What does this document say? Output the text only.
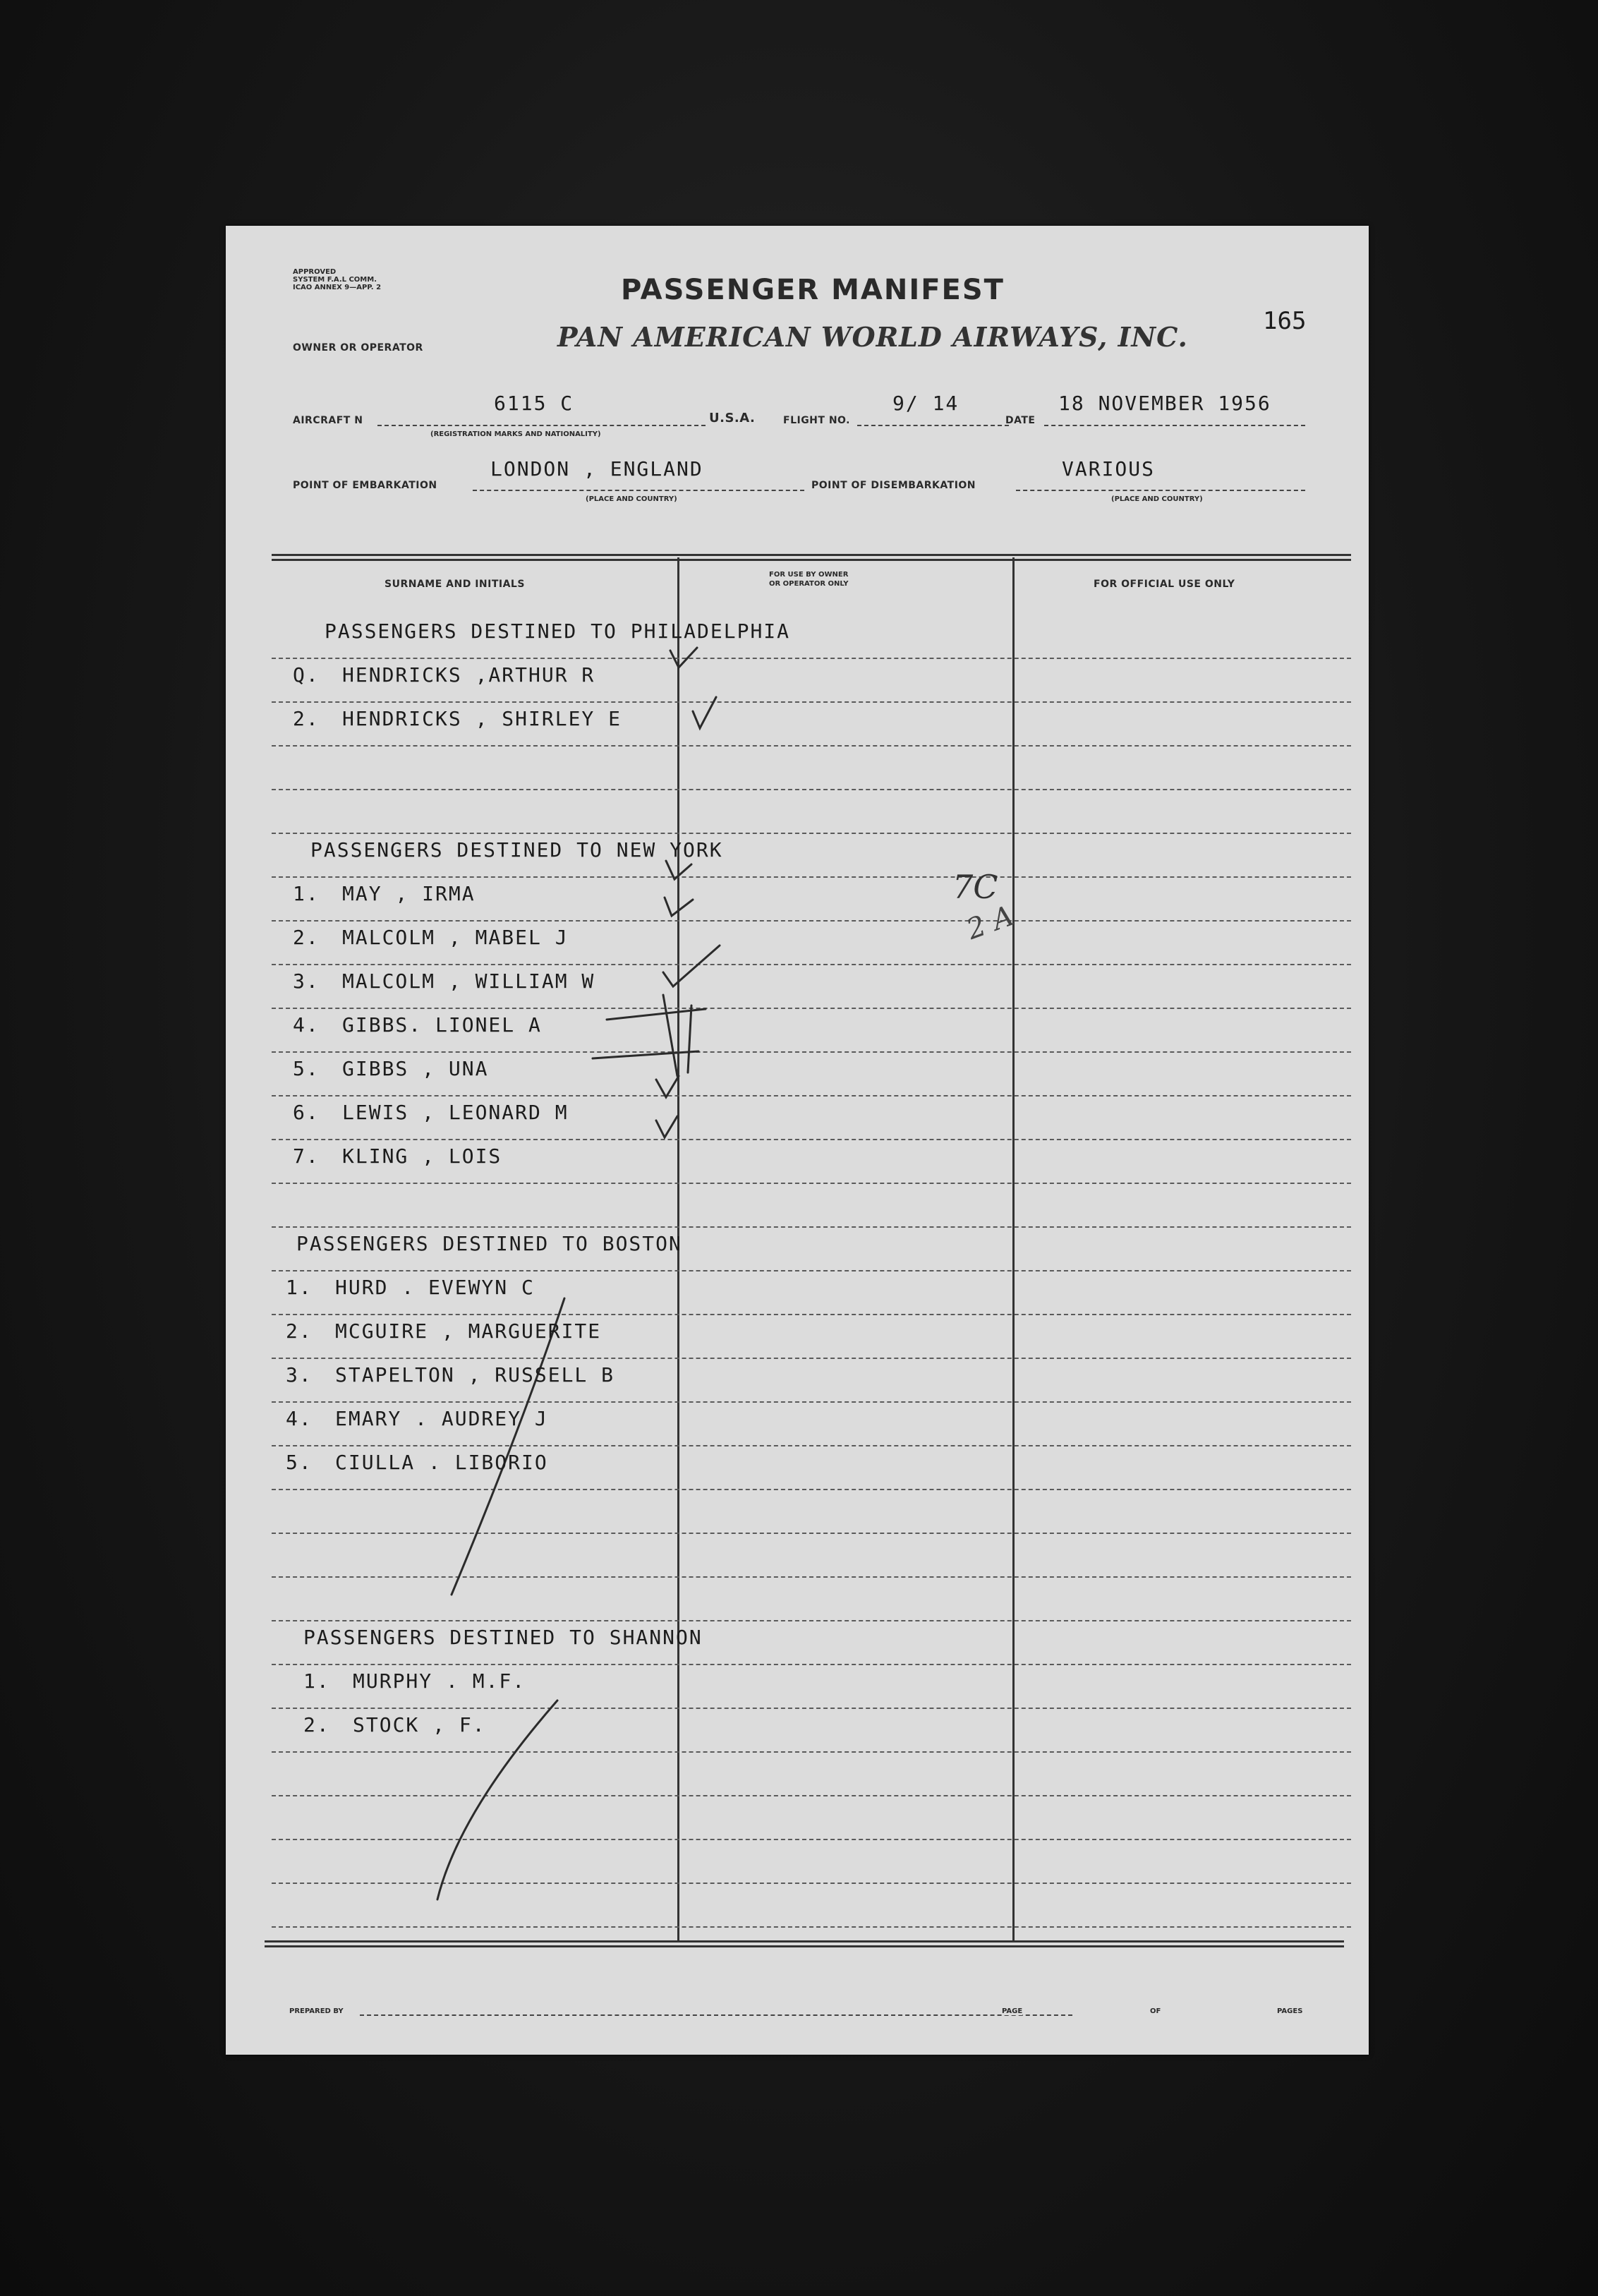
APPROVED
SYSTEM F.A.L COMM.
ICAO ANNEX 9—APP. 2	PASSENGER MANIFEST
OWNER OR OPERATOR	PAN AMERICAN WORLD AIRWAYS, INC.	165
AIRCRAFT N
6115 C
(REGISTRATION MARKS AND NATIONALITY)
U.S.A.	FLIGHT NO.
9/ 14
DATE
18 NOVEMBER 1956
POINT OF EMBARKATION
LONDON , ENGLAND
(PLACE AND COUNTRY)
POINT OF DISEMBARKATION
VARIOUS
(PLACE AND COUNTRY)
SURNAME AND INITIALS
FOR USE BY OWNER
OR OPERATOR ONLY	FOR OFFICIAL USE ONLY
PREPARED BY	PAGE	OF	PAGES
7C
2 A
PASSENGERS DESTINED TO PHILADELPHIA
Q. HENDRICKS ,ARTHUR R
2. HENDRICKS , SHIRLEY E
PASSENGERS DESTINED TO NEW YORK
1. MAY , IRMA
2. MALCOLM , MABEL J
3. MALCOLM , WILLIAM W
4. GIBBS. LIONEL A
5. GIBBS , UNA
6. LEWIS , LEONARD M
7. KLING , LOIS
PASSENGERS DESTINED TO BOSTON
1. HURD . EVEWYN C
2. MCGUIRE , MARGUERITE
3. STAPELTON , RUSSELL B
4. EMARY . AUDREY J
5. CIULLA . LIBORIO
PASSENGERS DESTINED TO SHANNON
1. MURPHY . M.F.
2. STOCK , F.
